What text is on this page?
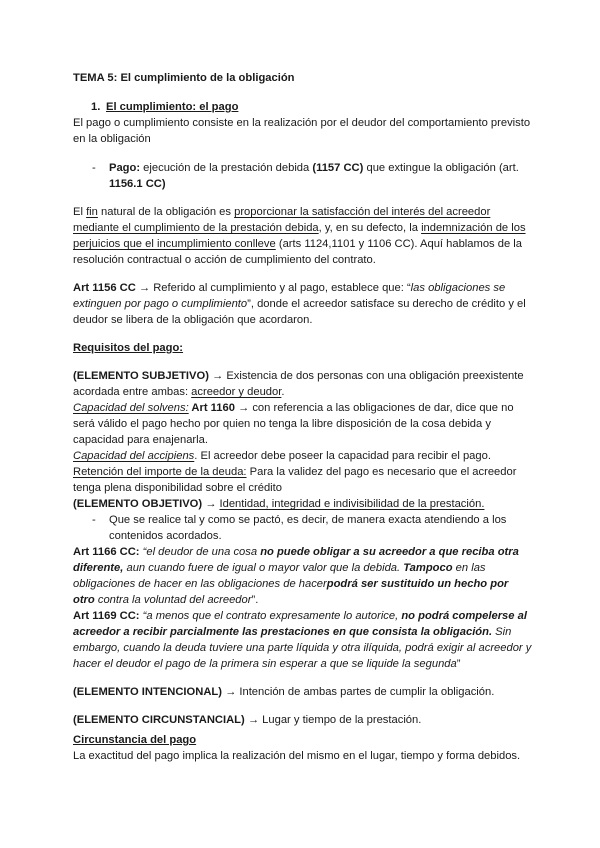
TEMA 5: El cumplimiento de la obligación
1. El cumplimiento: el pago
El pago o cumplimiento consiste en la realización por el deudor del comportamiento previsto
en la obligación
- Pago: ejecución de la prestación debida (1157 CC) que extingue la obligación (art.
1156.1 CC)
El fin natural de la obligación es proporcionar la satisfacción del interés del acreedor
mediante el cumplimiento de la prestación debida, y, en su defecto, la indemnización de los
perjuicios que el incumplimiento conlleve (arts 1124,1101 y 1106 CC). Aquí hablamos de la
resolución contractual o acción de cumplimiento del contrato.
Art 1156 CC → Referido al cumplimiento y al pago, establece que: “las obligaciones se
extinguen por pago o cumplimiento”, donde el acreedor satisface su derecho de crédito y el
deudor se libera de la obligación que acordaron.
Requisitos del pago:
(ELEMENTO SUBJETIVO) → Existencia de dos personas con una obligación preexistente
acordada entre ambas: acreedor y deudor.
Capacidad del solvens: Art 1160 → con referencia a las obligaciones de dar, dice que no
será válido el pago hecho por quien no tenga la libre disposición de la cosa debida y
capacidad para enajenarla.
Capacidad del accipiens. El acreedor debe poseer la capacidad para recibir el pago.
Retención del importe de la deuda: Para la validez del pago es necesario que el acreedor
tenga plena disponibilidad sobre el crédito
(ELEMENTO OBJETIVO) → Identidad, integridad e indivisibilidad de la prestación.
- Que se realice tal y como se pactó, es decir, de manera exacta atendiendo a los
contenidos acordados.
Art 1166 CC: “el deudor de una cosa no puede obligar a su acreedor a que reciba otra
diferente, aun cuando fuere de igual o mayor valor que la debida. Tampoco en las
obligaciones de hacer en las obligaciones de hacerpodrá ser sustituido un hecho por
otro contra la voluntad del acreedor”.
Art 1169 CC: “a menos que el contrato expresamente lo autorice, no podrá compelerse al
acreedor a recibir parcialmente las prestaciones en que consista la obligación. Sin
embargo, cuando la deuda tuviere una parte líquida y otra ilíquida, podrá exigir al acreedor y
hacer el deudor el pago de la primera sin esperar a que se liquide la segunda”
(ELEMENTO INTENCIONAL) → Intención de ambas partes de cumplir la obligación.
(ELEMENTO CIRCUNSTANCIAL) → Lugar y tiempo de la prestación.
Circunstancia del pago
La exactitud del pago implica la realización del mismo en el lugar, tiempo y forma debidos.
